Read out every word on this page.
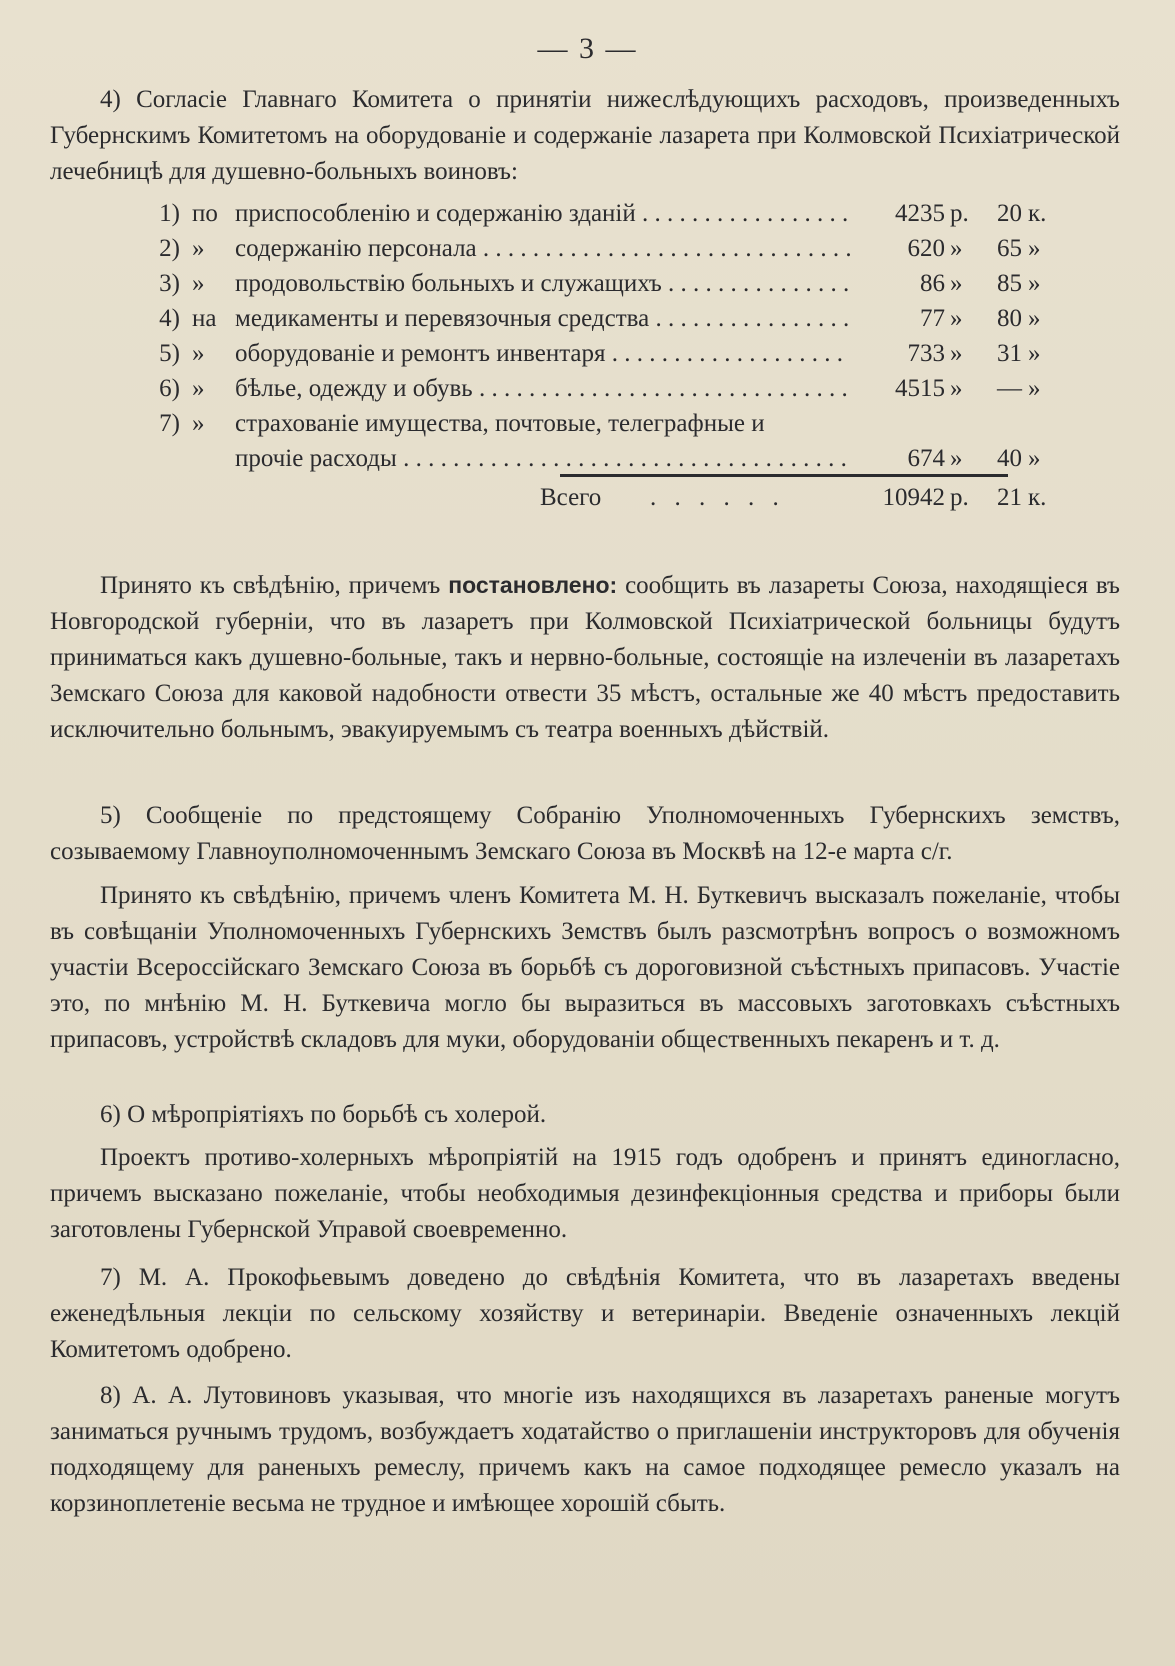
— 3 —

4) Согласіе Главнаго Комитета о принятіи нижеслѣдующихъ расходовъ, произведенныхъ Губернскимъ Комитетомъ на оборудованіе и содержаніе лазарета при Колмовской Психіатрической лечебницѣ для душевно-больныхъ воиновъ:

1) по приспособленію и содержанію зданій . . .	4235 р.	20 к.
2) »	содержанію персонала . . .	620 »	65 »
3) »	продовольствію больныхъ и служащихъ . . .	86 »	85 »
4) на медикаменты и перевязочныя средства . . .	77 »	80 »
5) »	оборудованіе и ремонтъ инвентаря . . .	733 »	31 »
6) »	бѣлье, одежду и обувь . . .	4515 »	— »
7) »	страхованіе имущества, почтовые, телеграфные и
прочіе расходы . . .	674 »	40 »
Всего . . . . . .	10942 р.	21 к.

Принято къ свѣдѣнію, причемъ постановлено: сообщить въ лазареты Союза, находящіеся въ Новгородской губерніи, что въ лазаретъ при Колмовской Психіатрической больницы будутъ приниматься какъ душевно-больные, такъ и нервно-больные, состоящіе на излеченіи въ лазаретахъ Земскаго Союза для каковой надобности отвести 35 мѣстъ, остальные же 40 мѣстъ предоставить исключительно больнымъ, эвакуируемымъ съ театра военныхъ дѣйствій.

5) Сообщеніе по предстоящему Собранію Уполномоченныхъ Губернскихъ земствъ, созываемому Главноуполномоченнымъ Земскаго Союза въ Москвѣ на 12-е марта с/г.

Принято къ свѣдѣнію, причемъ членъ Комитета М. Н. Буткевичъ высказалъ пожеланіе, чтобы въ совѣщаніи Уполномоченныхъ Губернскихъ Земствъ былъ разсмотрѣнъ вопросъ о возможномъ участіи Всероссійскаго Земскаго Союза въ борьбѣ съ дороговизной съѣстныхъ припасовъ. Участіе это, по мнѣнію М. Н. Буткевича могло бы выразиться въ массовыхъ заготовкахъ съѣстныхъ припасовъ, устройствѣ складовъ для муки, оборудованіи общественныхъ пекаренъ и т. д.

6) О мѣропріятіяхъ по борьбѣ съ холерой.

Проектъ противо-холерныхъ мѣропріятій на 1915 годъ одобренъ и принятъ единогласно, причемъ высказано пожеланіе, чтобы необходимыя дезинфекціонныя средства и приборы были заготовлены Губернской Управой своевременно.

7) М. А. Прокофьевымъ доведено до свѣдѣнія Комитета, что въ лазаретахъ введены еженедѣльныя лекціи по сельскому хозяйству и ветеринаріи. Введеніе означенныхъ лекцій Комитетомъ одобрено.

8) А. А. Лутовиновъ указывая, что многіе изъ находящихся въ лазаретахъ раненые могутъ заниматься ручнымъ трудомъ, возбуждаетъ ходатайство о приглашеніи инструкторовъ для обученія подходящему для раненыхъ ремеслу, причемъ какъ на самое подходящее ремесло указалъ на корзиноплетеніе весьма не трудное и имѣющее хорошій сбыть.
